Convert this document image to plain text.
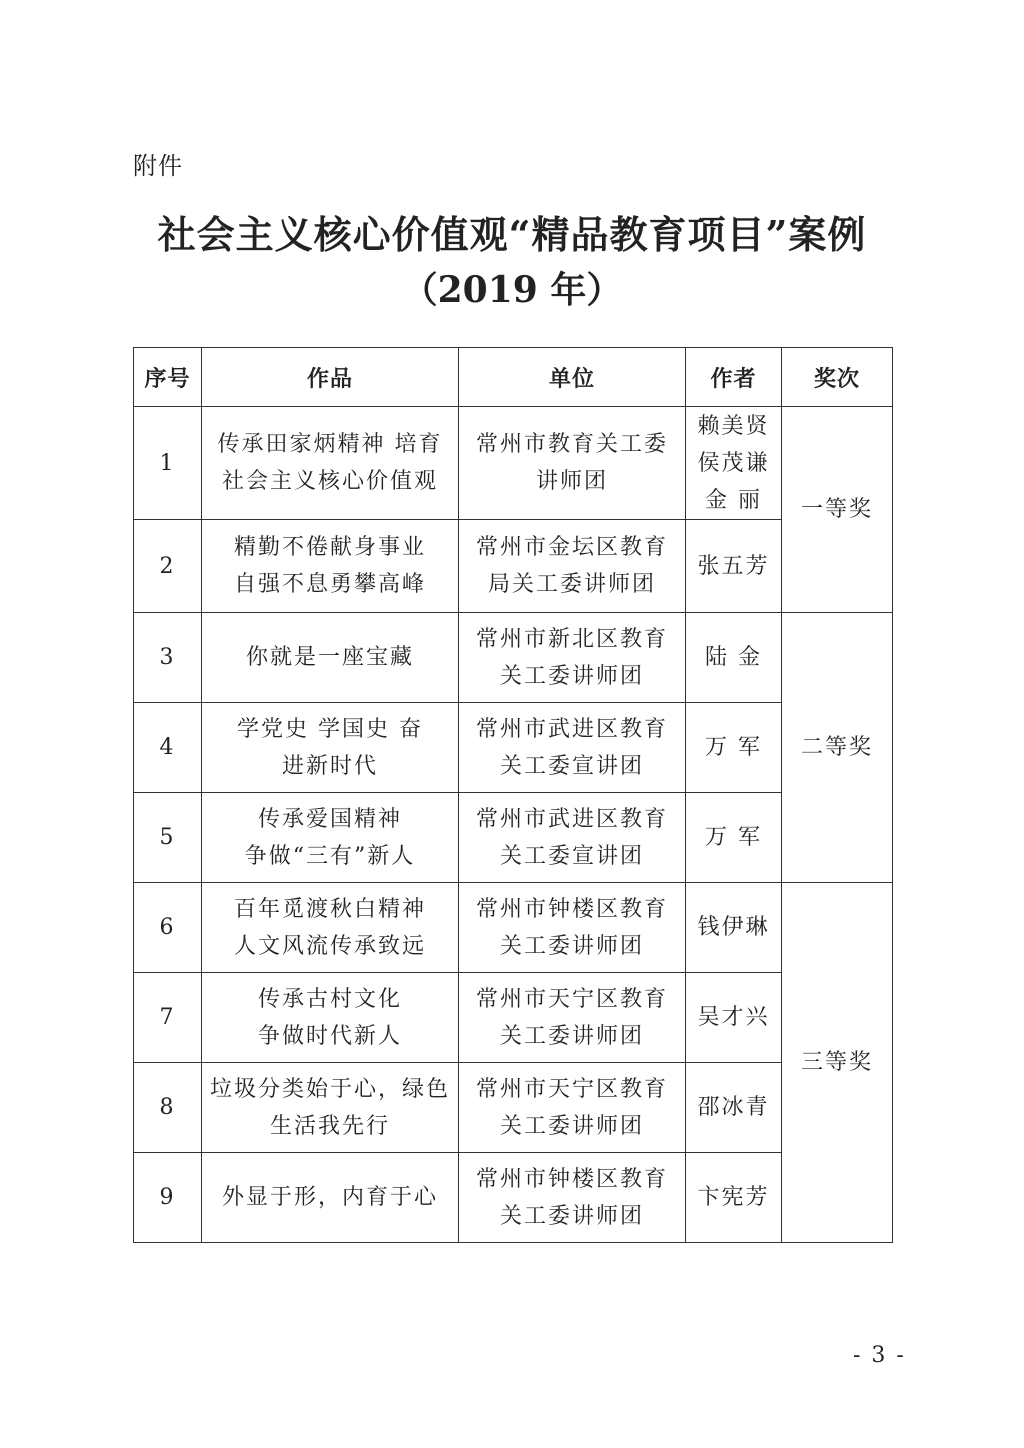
附件
社会主义核心价值观“精品教育项目”案例
（2019 年）
序号	作品	单位	作者	奖次
1	传承田家炳精神 培育
社会主义核心价值观	常州市教育关工委
讲师团	赖美贤
侯茂谦
金 丽	一等奖
2	精勤不倦献身事业
自强不息勇攀高峰	常州市金坛区教育
局关工委讲师团	张五芳	
3	你就是一座宝藏	常州市新北区教育
关工委讲师团	陆 金	二等奖
4	学党史 学国史 奋
进新时代	常州市武进区教育
关工委宣讲团	万 军	
5	传承爱国精神
争做“三有”新人	常州市武进区教育
关工委宣讲团	万 军	
6	百年觅渡秋白精神
人文风流传承致远	常州市钟楼区教育
关工委讲师团	钱伊琳	三等奖
7	传承古村文化
争做时代新人	常州市天宁区教育
关工委讲师团	吴才兴	
8	垃圾分类始于心，绿色
生活我先行	常州市天宁区教育
关工委讲师团	邵冰青	
9	外显于形，内育于心	常州市钟楼区教育
关工委讲师团	卞宪芳	
- 3 -
